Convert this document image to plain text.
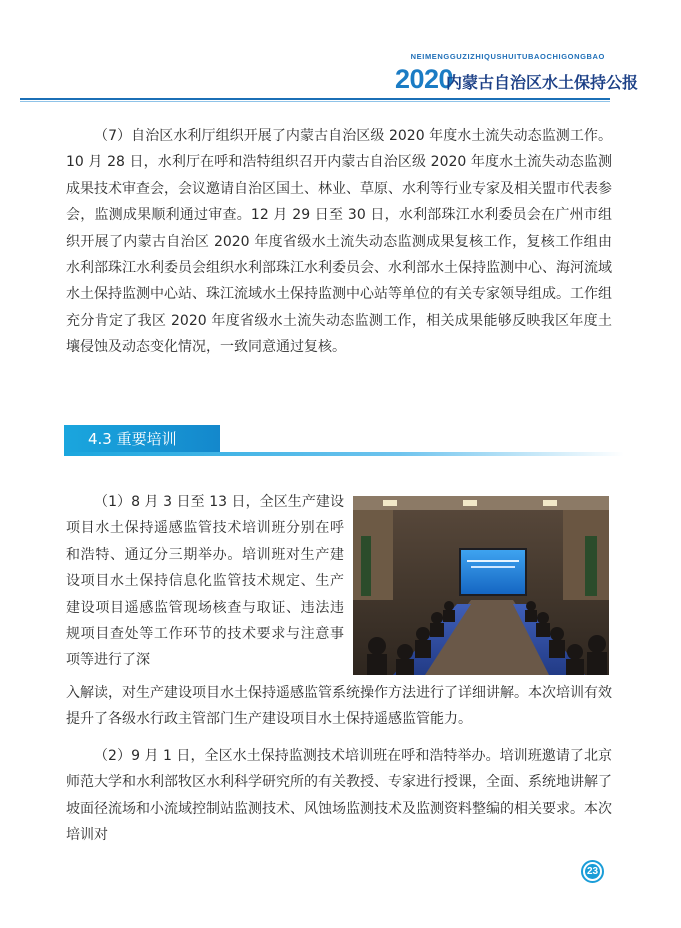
NEIMENGGUZIZHIQUSHUITUBAOCHIGONGBAO
2020
内蒙古自治区水土保持公报

（7）自治区水利厅组织开展了内蒙古自治区级 2020 年度水土流失动态监测工作。10 月 28 日，水利厅在呼和浩特组织召开内蒙古自治区级 2020 年度水土流失动态监测成果技术审查会，会议邀请自治区国土、林业、草原、水利等行业专家及相关盟市代表参会，监测成果顺利通过审查。12 月 29 日至 30 日，水利部珠江水利委员会在广州市组织开展了内蒙古自治区 2020 年度省级水土流失动态监测成果复核工作，复核工作组由水利部珠江水利委员会组织水利部珠江水利委员会、水利部水土保持监测中心、海河流域水土保持监测中心站、珠江流域水土保持监测中心站等单位的有关专家领导组成。工作组充分肯定了我区 2020 年度省级水土流失动态监测工作，相关成果能够反映我区年度土壤侵蚀及动态变化情况，一致同意通过复核。

4.3 重要培训

（1）8 月 3 日至 13 日，全区生产建设项目水土保持遥感监管技术培训班分别在呼和浩特、通辽分三期举办。培训班对生产建设项目水土保持信息化监管技术规定、生产建设项目遥感监管现场核查与取证、违法违规项目查处等工作环节的技术要求与注意事项等进行了深

入解读，对生产建设项目水土保持遥感监管系统操作方法进行了详细讲解。本次培训有效提升了各级水行政主管部门生产建设项目水土保持遥感监管能力。

（2）9 月 1 日，全区水土保持监测技术培训班在呼和浩特举办。培训班邀请了北京师范大学和水利部牧区水利科学研究所的有关教授、专家进行授课，全面、系统地讲解了坡面径流场和小流域控制站监测技术、风蚀场监测技术及监测资料整编的相关要求。本次培训对

23
